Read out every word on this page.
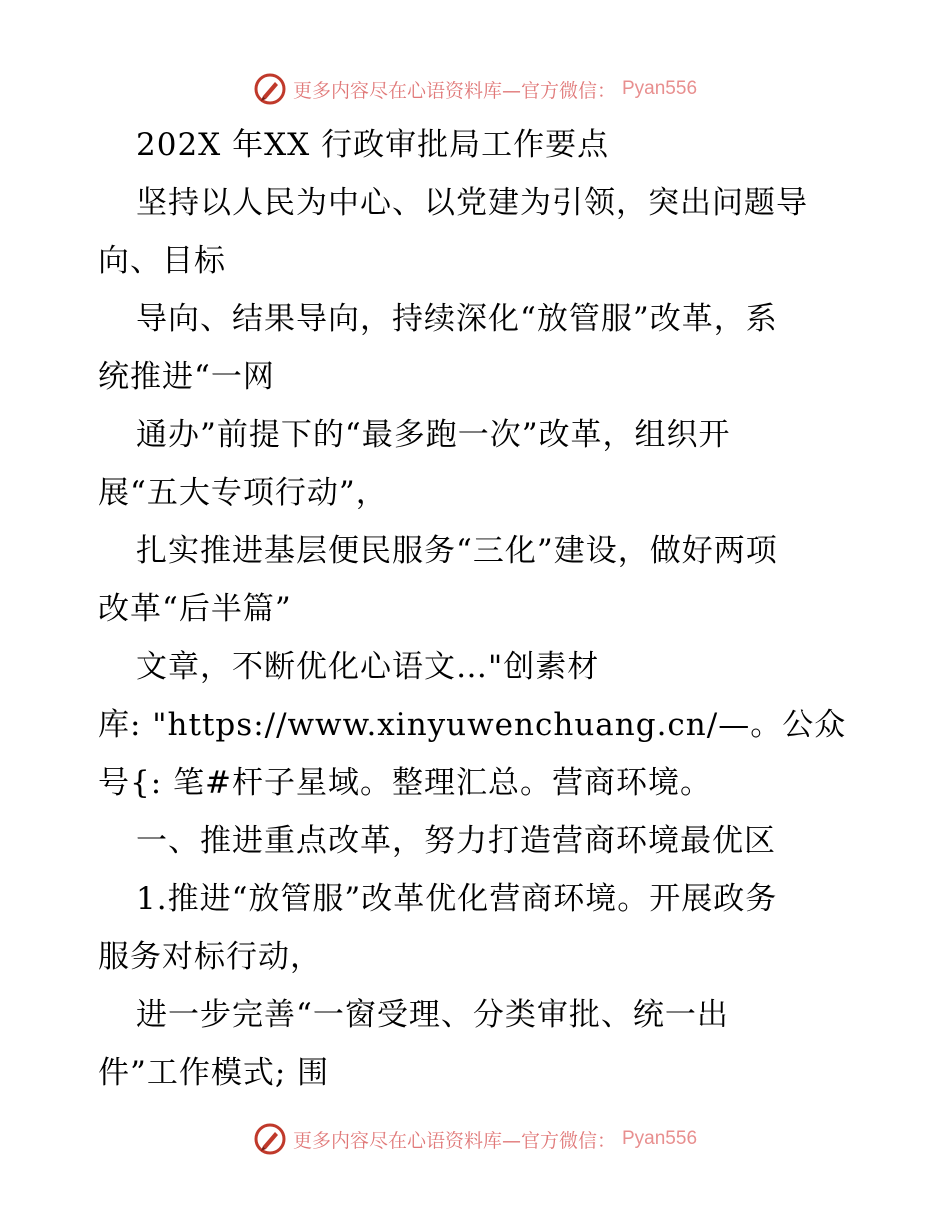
更多内容尽在心语资料库—官方微信： Pyan556
202X 年XX 行政审批局工作要点
坚持以人民为中心、以党建为引领，突出问题导
向、目标
导向、结果导向，持续深化“放管服”改革，系
统推进“一网
通办”前提下的“最多跑一次”改革，组织开
展“五大专项行动”，
扎实推进基层便民服务“三化”建设，做好两项
改革“后半篇”
文章，不断优化心语文…"创素材
库: "https://www.xinyuwenchuang.cn/—。公众
号{: 笔#杆子星域。整理汇总。营商环境。
一、推进重点改革，努力打造营商环境最优区
1.推进“放管服”改革优化营商环境。开展政务
服务对标行动，
进一步完善“一窗受理、分类审批、统一出
件”工作模式; 围
更多内容尽在心语资料库—官方微信： Pyan556
